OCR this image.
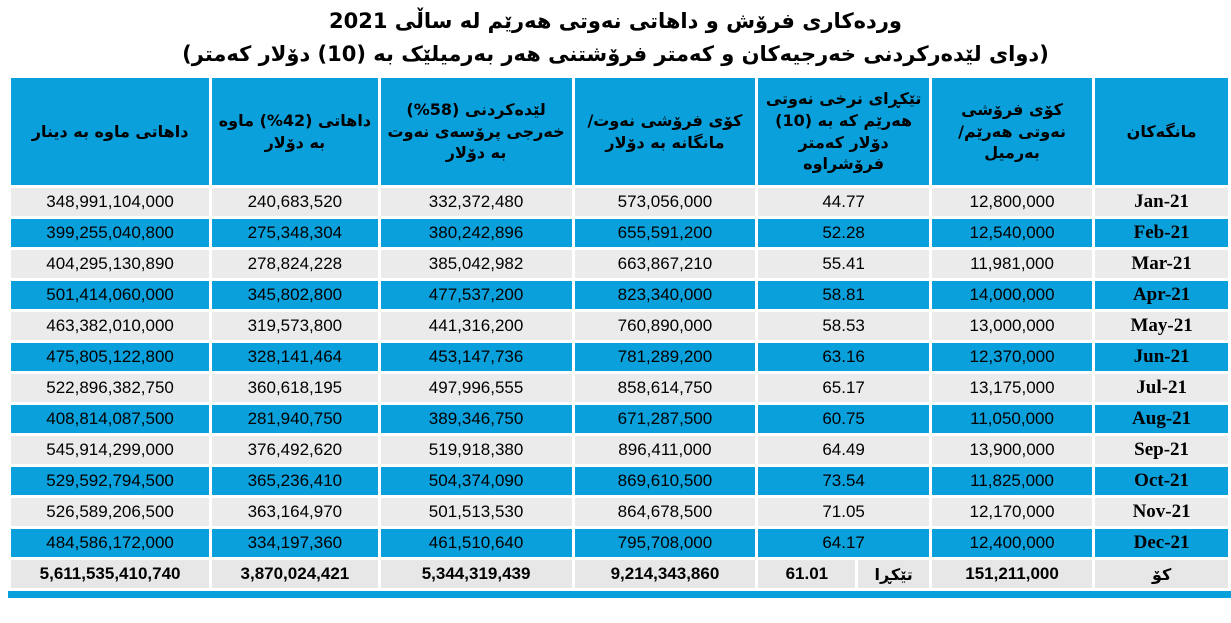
وردەکاری فرۆش و داهاتی نەوتی هەرێم له ساڵی 2021
(دوای لێدەرکردنی خەرجیەکان و کەمتر فرۆشتنی هەر بەرمیلێک به (10) دۆلار کەمتر)
مانگەکان	کۆی فرۆشی نەوتی هەرێم/ بەرمیل	تێکڕای نرخی نەوتی هەرێم که به (10) دۆلار کەمتر فرۆشراوه		کۆی فرۆشی نەوت/ مانگانه به دۆلار	لێدەکردنی (58%) خەرجی پرۆسەی نەوت به دۆلار	داهاتی (42%) ماوه به دۆلار	داهاتی ماوه به دینار
Jan-21	12,800,000	44.77		573,056,000	332,372,480	240,683,520	348,991,104,000
Feb-21	12,540,000	52.28		655,591,200	380,242,896	275,348,304	399,255,040,800
Mar-21	11,981,000	55.41		663,867,210	385,042,982	278,824,228	404,295,130,890
Apr-21	14,000,000	58.81		823,340,000	477,537,200	345,802,800	501,414,060,000
May-21	13,000,000	58.53		760,890,000	441,316,200	319,573,800	463,382,010,000
Jun-21	12,370,000	63.16		781,289,200	453,147,736	328,141,464	475,805,122,800
Jul-21	13,175,000	65.17		858,614,750	497,996,555	360,618,195	522,896,382,750
Aug-21	11,050,000	60.75		671,287,500	389,346,750	281,940,750	408,814,087,500
Sep-21	13,900,000	64.49		896,411,000	519,918,380	376,492,620	545,914,299,000
Oct-21	11,825,000	73.54		869,610,500	504,374,090	365,236,410	529,592,794,500
Nov-21	12,170,000	71.05		864,678,500	501,513,530	363,164,970	526,589,206,500
Dec-21	12,400,000	64.17		795,708,000	461,510,640	334,197,360	484,586,172,000
کۆ	151,211,000	تێکڕا	61.01	9,214,343,860	5,344,319,439	3,870,024,421	5,611,535,410,740
